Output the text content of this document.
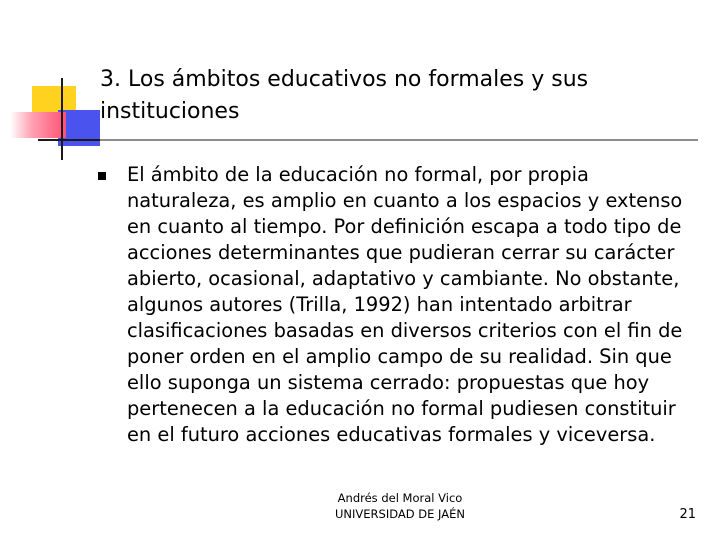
3. Los ámbitos educativos no formales y sus instituciones

El ámbito de la educación no formal, por propia naturaleza, es amplio en cuanto a los espacios y extenso en cuanto al tiempo. Por definición escapa a todo tipo de acciones determinantes que pudieran cerrar su carácter abierto, ocasional, adaptativo y cambiante. No obstante, algunos autores (Trilla, 1992) han intentado arbitrar clasificaciones basadas en diversos criterios con el fin de poner orden en el amplio campo de su realidad. Sin que ello suponga un sistema cerrado: propuestas que hoy pertenecen a la educación no formal pudiesen constituir en el futuro acciones educativas formales y viceversa.

Andrés del Moral Vico
UNIVERSIDAD DE JAÉN	21
